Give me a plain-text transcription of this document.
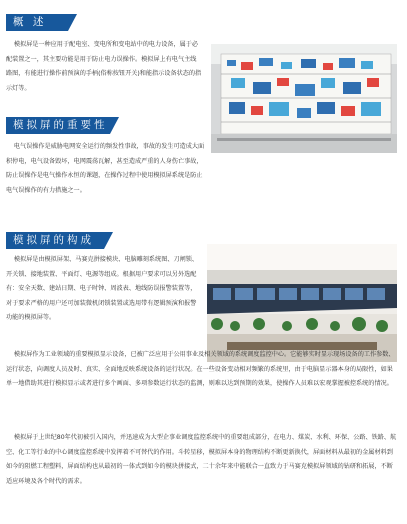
概 述

模拟屏是一种应用于配电室、变电所和变电站中的电力设备，属于必配装置之一，其主要功能是用于防止电力误操作。模拟屏上有电气主线路图，有能进行操作前预演的手柄(俗称按钮开关)和能指示设备状态的指示灯等。

模拟屏的重要性

电气误操作是威胁电网安全运行的频发性事故，事故的发生可造成大面积停电，电气设备毁坏，电网震荡瓦解，甚至造成严重的人身伤亡事故，防止误操作是电气操作永恒的课题，在操作过程中使用模拟屏系统是防止电气误操作的有力措施之一。

模拟屏的构成

模拟屏是由模拟屏架、马赛克拼接模块、电脑雕刻系统图、刀闸锁、开关锁、接地装置、平面灯、电源等组成。根据用户要求可以另外选配有：安全天数、建站日期、电子时钟、周波表、地线防误报警装置等，对于要求严格的用户还可加装微机闭锁装置或选用带有逻辑预演和报警功能的模拟屏等。

模拟屏作为工业领域的重要模拟显示设备，已被广泛应用于公用事业及相关领域的系统调度监控中心。它能够实时显示现场设备的工作参数、运行状态，向调度人员及时、真实、全面地反映系统设备的运行状况。在一些设备变动相对频繁的系统里，由于电脑显示器本身的局限性，如果单一地借助其进行模拟显示或者进行多个画面、多项参数运行状态的监测，则难以达到预期的效果，使操作人员难以宏观掌握被控系统的情况。

模拟屏于上世纪80年代初被引入国内，并迅速成为大型企事业调度监控系统中的重要组成部分，在电力、煤炭、水利、环保、公路、铁路、航空、化工等行业的中心调度监控系统中发挥着不可替代的作用。斗转星移，模拟屏本身的物理结构不断更新换代，屏面材料从最初的金属材料到如今的阻燃工程塑料，屏面结构也从最初的一体式到如今的模块拼接式，二十余年来中能联合一直致力于马赛克模拟屏领域的钻研和拓展，不断适应环境及各个时代的需求。
